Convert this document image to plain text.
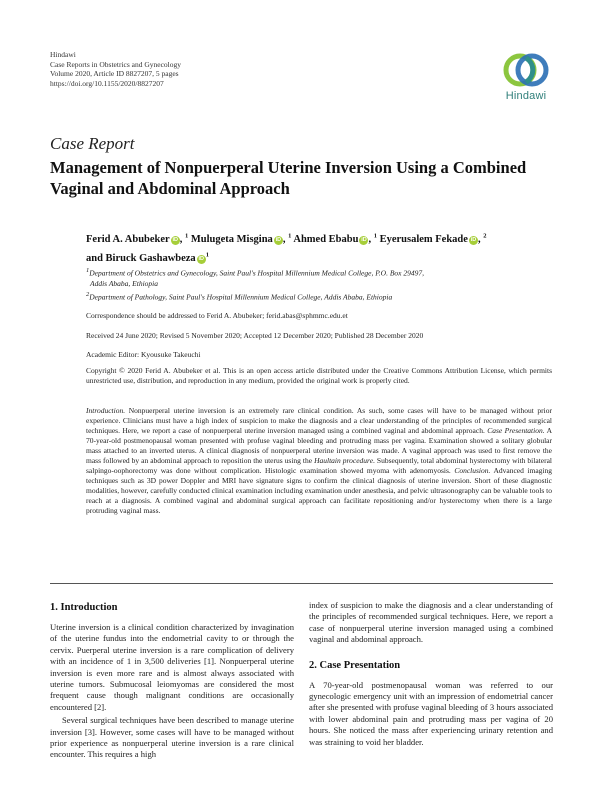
Hindawi
Case Reports in Obstetrics and Gynecology
Volume 2020, Article ID 8827207, 5 pages
https://doi.org/10.1155/2020/8827207
Hindawi
Case Report
Management of Nonpuerperal Uterine Inversion Using a Combined Vaginal and Abdominal Approach
Ferid A. Abubeker iD , $^1$ Mulugeta Misgina iD , $^1$ Ahmed Ebabu iD , $^1$ Eyerusalem Fekade iD , $^2$
and Biruck Gashawbeza $iD^1$
$^1$Department of Obstetrics and Gynecology, Saint Paul's Hospital Millennium Medical College, P.O. Box 29497,
Addis Ababa, Ethiopia
$^2$Department of Pathology, Saint Paul's Hospital Millennium Medical College, Addis Ababa, Ethiopia
Correspondence should be addressed to Ferid A. Abubeker; ferid.abas@sphmmc.edu.et
Received 24 June 2020; Revised 5 November 2020; Accepted 12 December 2020; Published 28 December 2020
Academic Editor: Kyousuke Takeuchi
Copyright © 2020 Ferid A. Abubeker et al. This is an open access article distributed under the Creative Commons Attribution License, which permits unrestricted use, distribution, and reproduction in any medium, provided the original work is properly cited.
Introduction. Nonpuerperal uterine inversion is an extremely rare clinical condition. As such, some cases will have to be managed without prior experience. Clinicians must have a high index of suspicion to make the diagnosis and a clear understanding of the principles of recommended surgical techniques. Here, we report a case of nonpuerperal uterine inversion managed using a combined vaginal and abdominal approach. Case Presentation. A 70-year-old postmenopausal woman presented with profuse vaginal bleeding and protruding mass per vagina. Examination showed a solitary globular mass attached to an inverted uterus. A clinical diagnosis of nonpuerperal uterine inversion was made. A vaginal approach was used to first remove the mass followed by an abdominal approach to reposition the uterus using the Haultain procedure. Subsequently, total abdominal hysterectomy with bilateral salpingo-oophorectomy was done without complication. Histologic examination showed myoma with adenomyosis. Conclusion. Advanced imaging techniques such as 3D power Doppler and MRI have signature signs to confirm the clinical diagnosis of uterine inversion. Short of these diagnostic modalities, however, carefully conducted clinical examination including examination under anesthesia, and pelvic ultrasonography can be valuable tools to reach at a diagnosis. A combined vaginal and abdominal surgical approach can facilitate repositioning and/or hysterectomy when there is a large protruding vaginal mass.
1. Introduction

Uterine inversion is a clinical condition characterized by invagination of the uterine fundus into the endometrial cavity to or through the cervix. Puerperal uterine inversion is a rare complication of delivery with an incidence of 1 in 3,500 deliveries [1]. Nonpuerperal uterine inversion is even more rare and is almost always associated with uterine tumors. Submucosal leiomyomas are considered the most frequent cause though malignant conditions are occasionally encountered [2].

Several surgical techniques have been described to manage uterine inversion [3]. However, some cases will have to be managed without prior experience as nonpuerperal uterine inversion is a rare clinical encounter. This requires a high

index of suspicion to make the diagnosis and a clear understanding of the principles of recommended surgical techniques. Here, we report a case of nonpuerperal uterine inversion managed using a combined vaginal and abdominal approach.

2. Case Presentation

A 70-year-old postmenopausal woman was referred to our gynecologic emergency unit with an impression of endometrial cancer after she presented with profuse vaginal bleeding of 3 hours associated with lower abdominal pain and protruding mass per vagina of 20 hours. She noticed the mass after experiencing urinary retention and was straining to void her bladder.
